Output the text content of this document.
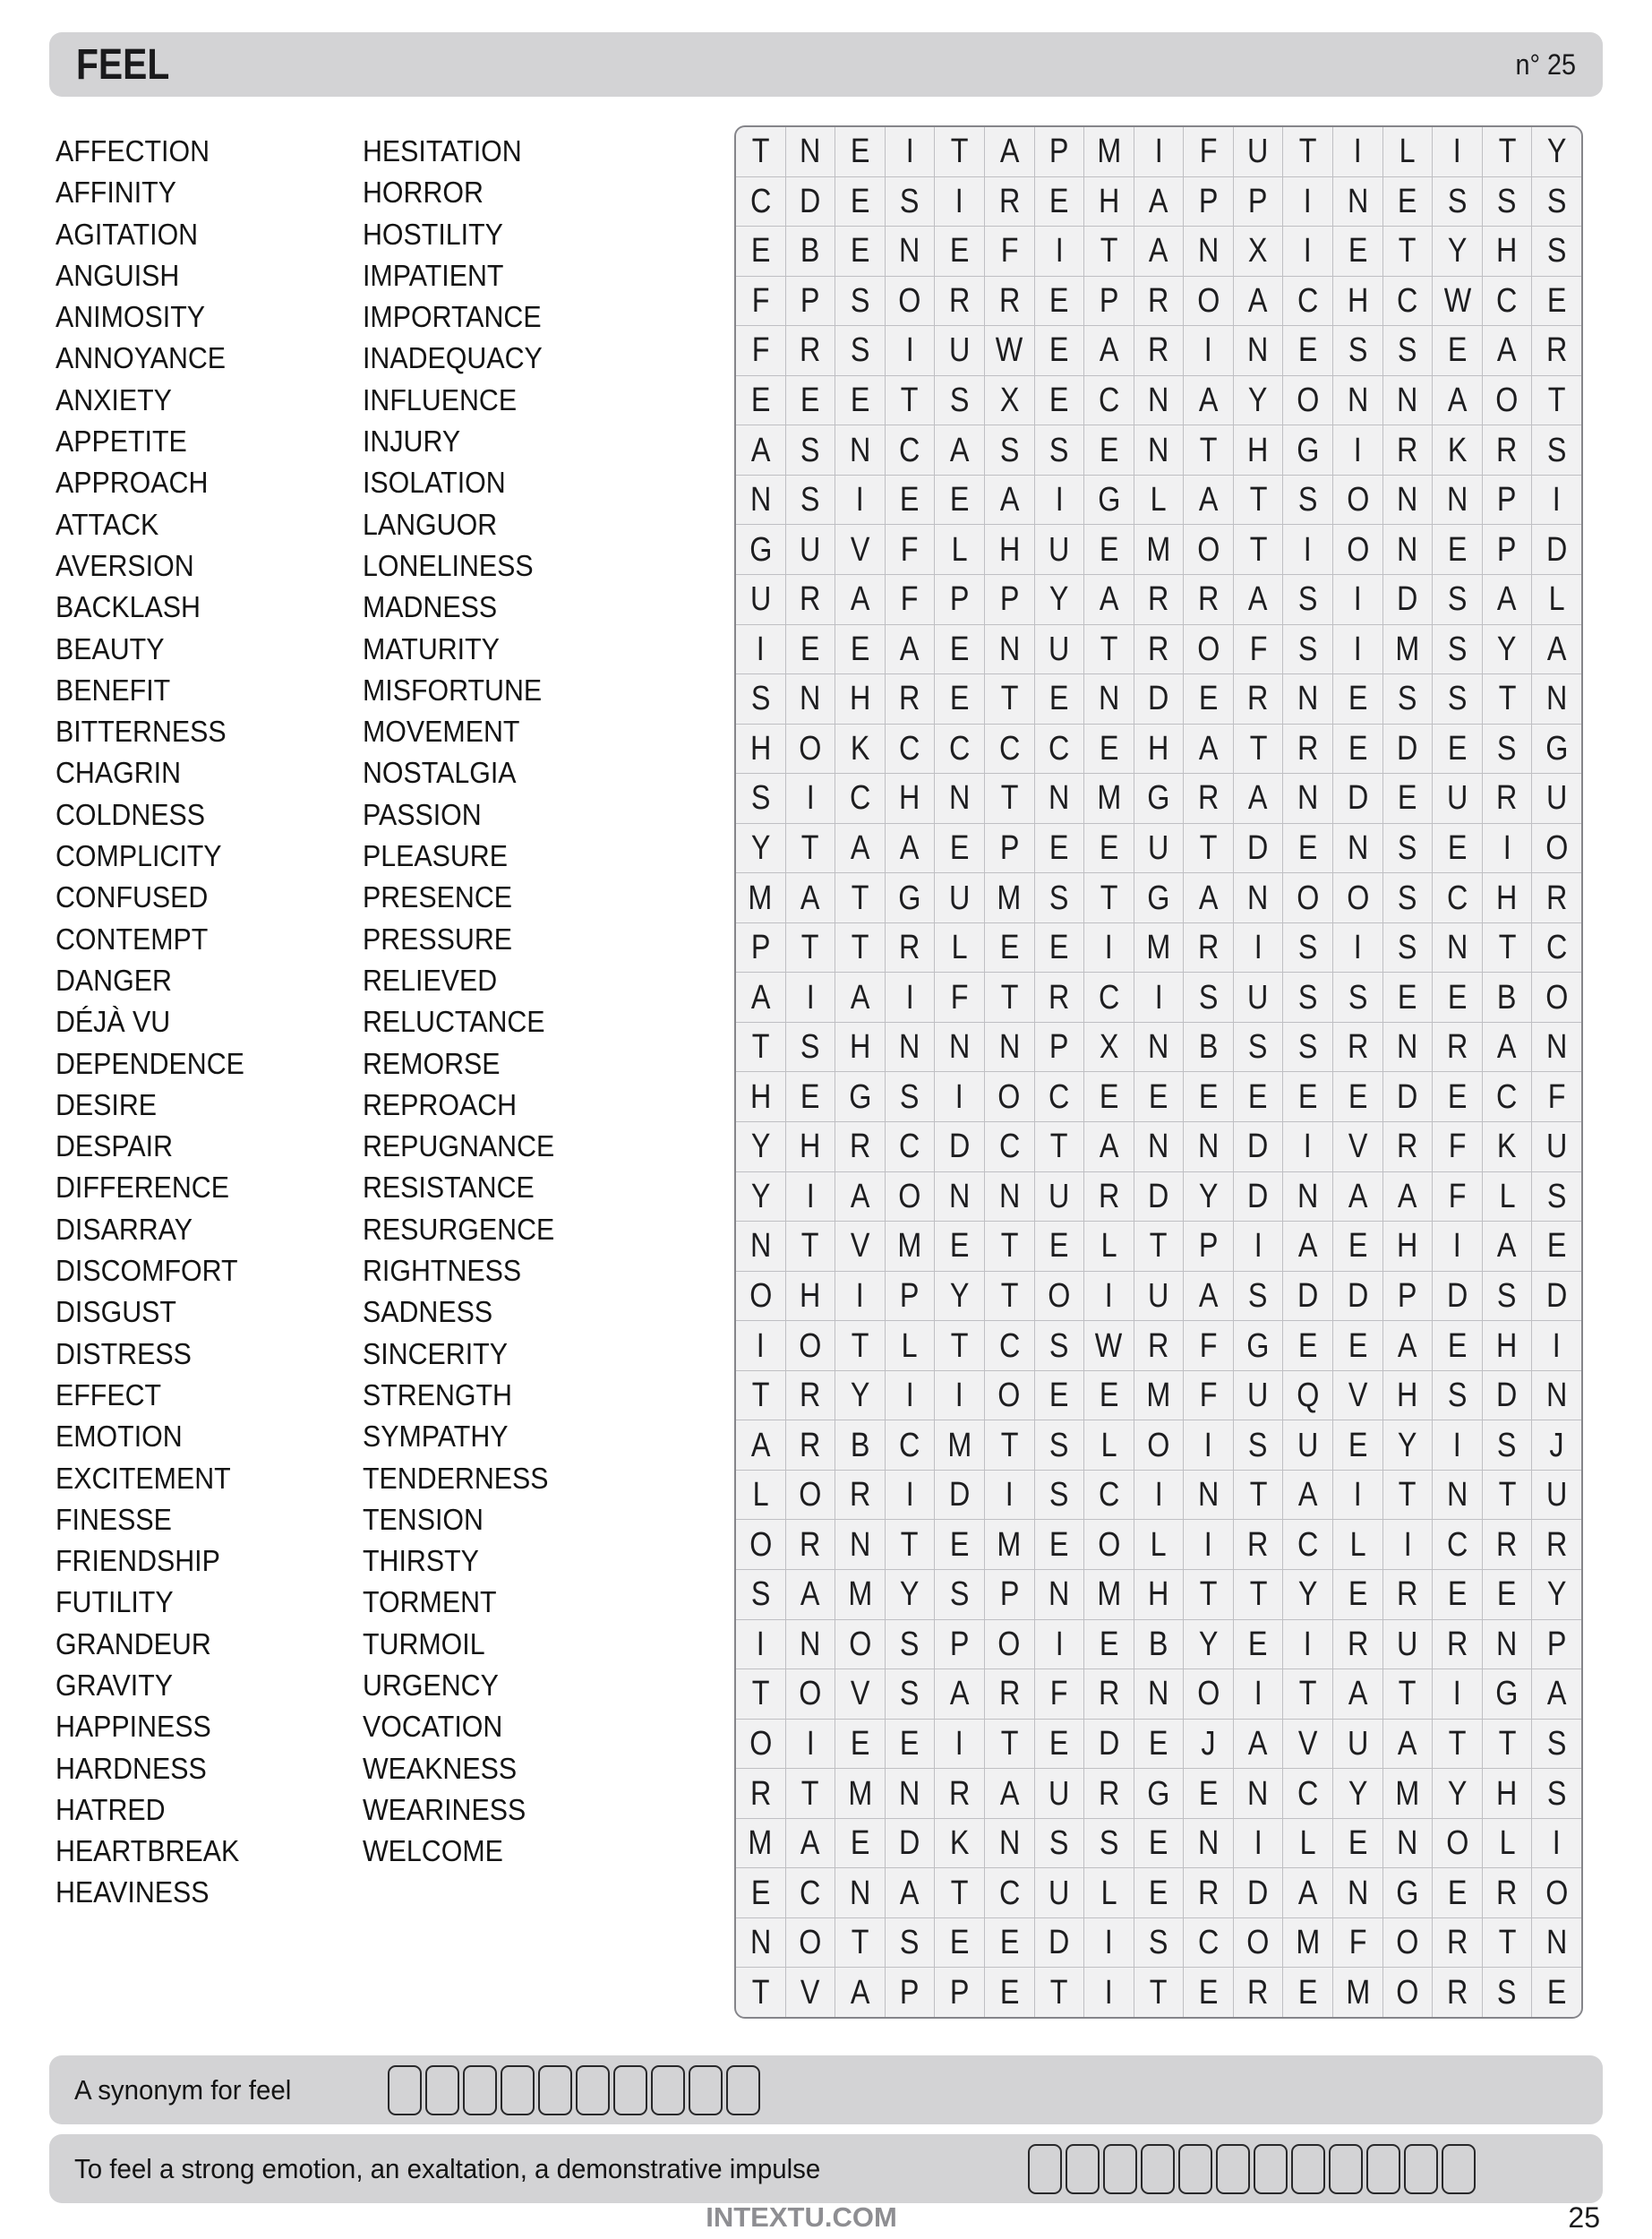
FEEL	n° 25
AFFECTION
AFFINITY
AGITATION
ANGUISH
ANIMOSITY
ANNOYANCE
ANXIETY
APPETITE
APPROACH
ATTACK
AVERSION
BACKLASH
BEAUTY
BENEFIT
BITTERNESS
CHAGRIN
COLDNESS
COMPLICITY
CONFUSED
CONTEMPT
DANGER
DÉJÀ VU
DEPENDENCE
DESIRE
DESPAIR
DIFFERENCE
DISARRAY
DISCOMFORT
DISGUST
DISTRESS
EFFECT
EMOTION
EXCITEMENT
FINESSE
FRIENDSHIP
FUTILITY
GRANDEUR
GRAVITY
HAPPINESS
HARDNESS
HATRED
HEARTBREAK
HEAVINESS
HESITATION
HORROR
HOSTILITY
IMPATIENT
IMPORTANCE
INADEQUACY
INFLUENCE
INJURY
ISOLATION
LANGUOR
LONELINESS
MADNESS
MATURITY
MISFORTUNE
MOVEMENT
NOSTALGIA
PASSION
PLEASURE
PRESENCE
PRESSURE
RELIEVED
RELUCTANCE
REMORSE
REPROACH
REPUGNANCE
RESISTANCE
RESURGENCE
RIGHTNESS
SADNESS
SINCERITY
STRENGTH
SYMPATHY
TENDERNESS
TENSION
THIRSTY
TORMENT
TURMOIL
URGENCY
VOCATION
WEAKNESS
WEARINESS
WELCOME
T N E I T A P M I F U T I L I T Y
C D E S I R E H A P P I N E S S S
E B E N E F I T A N X I E T Y H S
F P S O R R E P R O A C H C W C E
F R S I U W E A R I N E S S E A R
E E E T S X E C N A Y O N N A O T
A S N C A S S E N T H G I R K R S
N S I E E A I G L A T S O N N P I
G U V F L H U E M O T I O N E P D
U R A F P P Y A R R A S I D S A L
I E E A E N U T R O F S I M S Y A
S N H R E T E N D E R N E S S T N
H O K C C C C E H A T R E D E S G
S I C H N T N M G R A N D E U R U
Y T A A E P E E U T D E N S E I O
M A T G U M S T G A N O O S C H R
P T T R L E E I M R I S I S N T C
A I A I F T R C I S U S S E E B O
T S H N N N P X N B S S R N R A N
H E G S I O C E E E E E E D E C F
Y H R C D C T A N N D I V R F K U
Y I A O N N U R D Y D N A A F L S
N T V M E T E L T P I A E H I A E
O H I P Y T O I U A S D D P D S D
I O T L T C S W R F G E E A E H I
T R Y I I O E E M F U Q V H S D N
A R B C M T S L O I S U E Y I S J
L O R I D I S C I N T A I T N T U
O R N T E M E O L I R C L I C R R
S A M Y S P N M H T T Y E R E E Y
I N O S P O I E B Y E I R U R N P
T O V S A R F R N O I T A T I G A
O I E E I T E D E J A V U A T T S
R T M N R A U R G E N C Y M Y H S
M A E D K N S S E N I L E N O L I
E C N A T C U L E R D A N G E R O
N O T S E E D I S C O M F O R T N
T V A P P E T I T E R E M O R S E
A synonym for feel
To feel a strong emotion, an exaltation, a demonstrative impulse
INTEXTU.COM	25
